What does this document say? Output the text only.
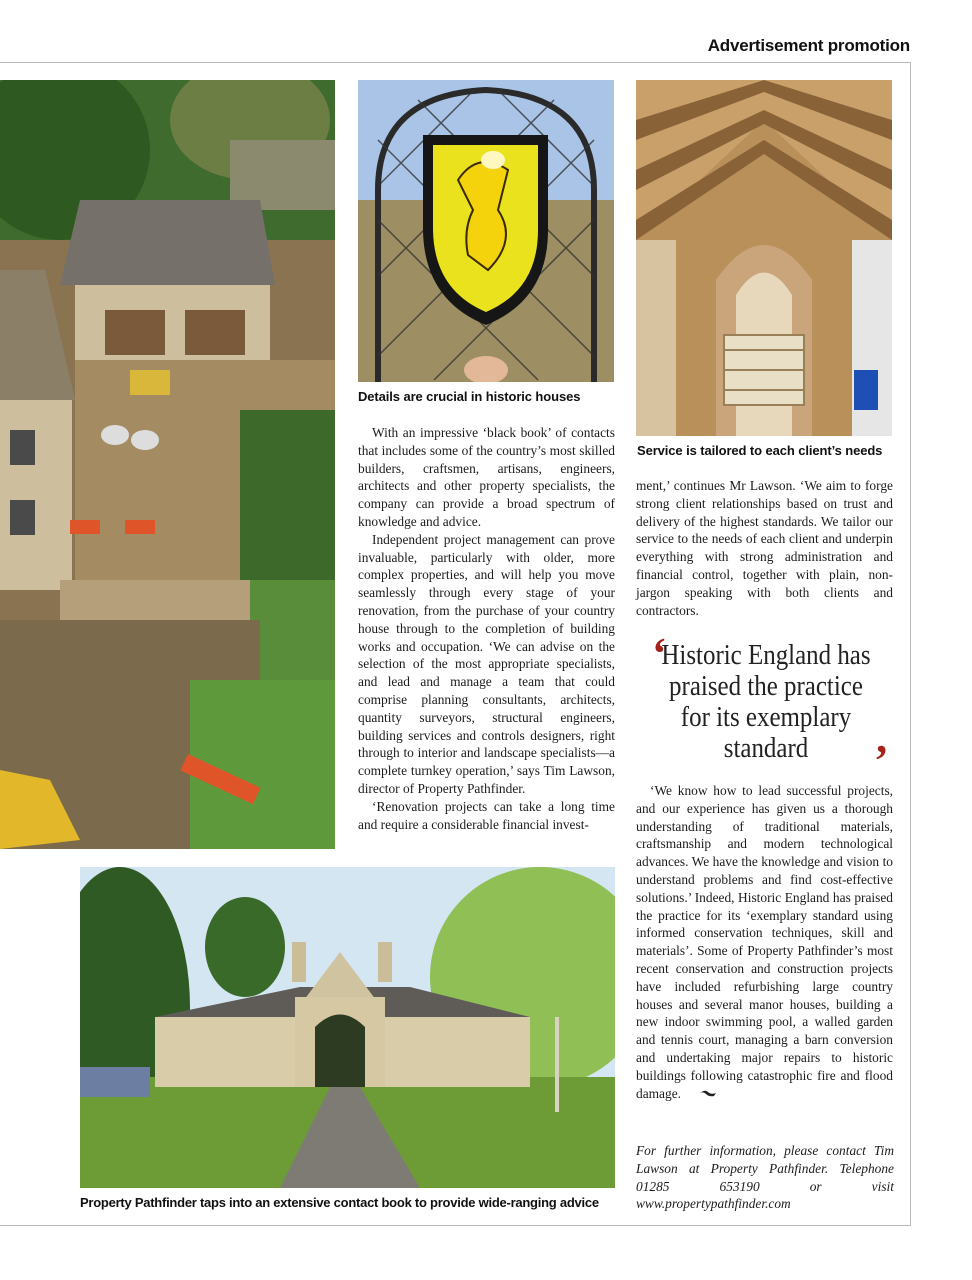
Advertisement promotion
Details are crucial in historic houses
Service is tailored to each client’s needs

With an impressive ‘black book’ of contacts that includes some of the country’s most skilled builders, craftsmen, artisans, engineers, architects and other property specialists, the company can provide a broad spectrum of knowledge and advice.

Independent project management can prove invaluable, particularly with older, more complex properties, and will help you move seamlessly through every stage of your renovation, from the purchase of your country house through to the completion of building works and occupation. ‘We can advise on the selection of the most appropriate specialists, and lead and manage a team that could comprise planning consultants, architects, quantity surveyors, structural engineers, building services and controls designers, right through to interior and landscape specialists—a complete turnkey operation,’ says Tim Lawson, director of Property Pathfinder.

‘Renovation projects can take a long time and require a considerable financial invest-

ment,’ continues Mr Lawson. ‘We aim to forge strong client relationships based on trust and delivery of the highest standards. We tailor our service to the needs of each client and underpin everything with strong administration and financial control, together with plain, non-jargon speaking with both clients and contractors.

‘
Historic England has praised the practice for its exemplary standard	’

‘We know how to lead successful projects, and our experience has given us a thorough understanding of traditional materials, craftsmanship and modern technological advances. We have the knowledge and vision to understand problems and find cost-effective solutions.’ Indeed, Historic England has praised the practice for its ‘exemplary standard using informed conservation techniques, skill and materials’. Some of Property Pathfinder’s most recent conservation and construction projects have included refurbishing large country houses and several manor houses, building a new indoor swimming pool, a walled garden and tennis court, managing a barn conversion and undertaking major repairs to historic buildings following catastrophic fire and flood damage.

Property Pathfinder taps into an extensive contact book to provide wide-ranging advice
For further information, please contact Tim Lawson at Property Pathfinder. Telephone 01285 653190 or visit www.propertypathfinder.com
